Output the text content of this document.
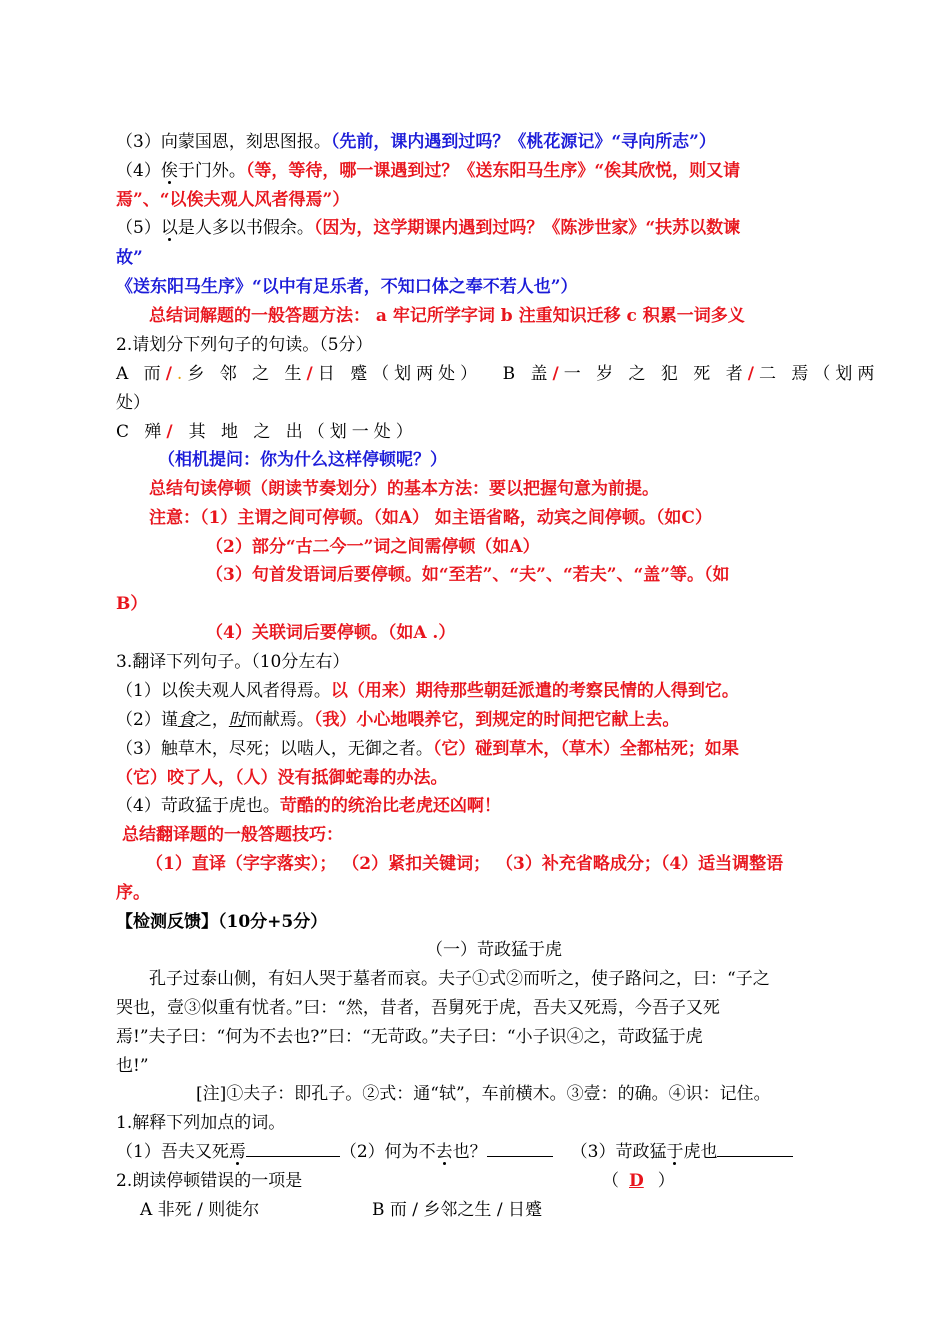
（3）向蒙国恩，刻思图报。（先前，课内遇到过吗？《桃花源记》“寻向所志”）
（4）俟于门外。（等，等待，哪一课遇到过？《送东阳马生序》“俟其欣悦，则又请
焉”、“以俟夫观人风者得焉”）
（5）以是人多以书假余。（因为，这学期课内遇到过吗？《陈涉世家》“扶苏以数谏
故”
《送东阳马生序》“以中有足乐者，不知口体之奉不若人也”）
总结词解题的一般答题方法： a 牢记所学字词 b 注重知识迁移 c 积累一词多义
2.请划分下列句子的句读。（5分）
A 而/.乡 邻 之 生/日 蹙（划两处） B 盖/一 岁 之 犯 死 者/二 焉（划两
处）
C 殚/ 其 地 之 出（划一处）
（相机提问：你为什么这样停顿呢？）
总结句读停顿（朗读节奏划分）的基本方法：要以把握句意为前提。
注意：（1）主谓之间可停顿。（如A） 如主语省略，动宾之间停顿。（如C）
（2）部分“古二今一”词之间需停顿（如A）
（3）句首发语词后要停顿。如“至若”、“夫”、“若夫”、“盖”等。（如
B）
（4）关联词后要停顿。（如A .）
3.翻译下列句子。（10分左右）
（1）以俟夫观人风者得焉。以（用来）期待那些朝廷派遣的考察民情的人得到它。
（2）谨食之，时而献焉。（我）小心地喂养它，到规定的时间把它献上去。
（3）触草木，尽死；以啮人，无御之者。（它）碰到草木，（草木）全都枯死；如果
（它）咬了人，（人）没有抵御蛇毒的办法。
（4）苛政猛于虎也。苛酷的的统治比老虎还凶啊！
总结翻译题的一般答题技巧：
（1）直译（字字落实）； （2）紧扣关键词； （3）补充省略成分；（4）适当调整语
序。
【检测反馈】（10分+5分）
（一）苛政猛于虎
孔子过泰山侧，有妇人哭于墓者而哀。夫子①式②而听之，使子路问之，曰：“子之
哭也，壹③似重有忧者。”曰：“然，昔者，吾舅死于虎，吾夫又死焉，今吾子又死
焉!”夫子曰：“何为不去也?”曰：“无苛政。”夫子曰：“小子识④之，苛政猛于虎
也!”
[注]①夫子：即孔子。②式：通“轼”，车前横木。③壹：的确。④识：记住。
1.解释下列加点的词。
（1）吾夫又死焉	（2）何为不去也？	（3）苛政猛于虎也
2.朗读停顿错误的一项是	（ D ）
A 非死 / 则徙尔	B 而 / 乡邻之生 / 日蹙
